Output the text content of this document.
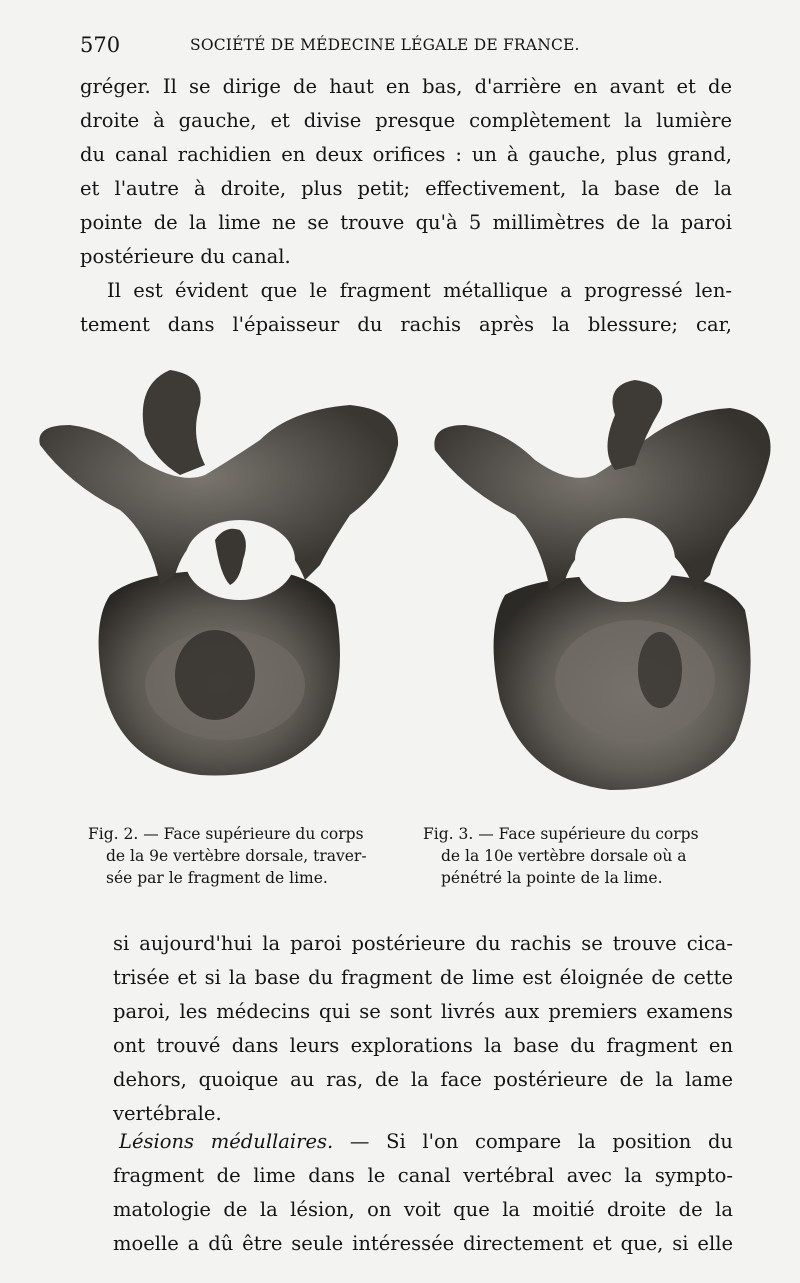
570	SOCIÉTÉ DE MÉDECINE LÉGALE DE FRANCE.
gréger. Il se dirige de haut en bas, d'arrière en avant et de
droite à gauche, et divise presque complètement la lumière
du canal rachidien en deux orifices : un à gauche, plus grand,
et l'autre à droite, plus petit; effectivement, la base de la
pointe de la lime ne se trouve qu'à 5 millimètres de la paroi
postérieure du canal.
Il est évident que le fragment métallique a progressé len-
tement dans l'épaisseur du rachis après la blessure; car,
Fig. 2. — Face supérieure du corps
de la 9e vertèbre dorsale, traver-
sée par le fragment de lime.
Fig. 3. — Face supérieure du corps
de la 10e vertèbre dorsale où a
pénétré la pointe de la lime.
si aujourd'hui la paroi postérieure du rachis se trouve cica-
trisée et si la base du fragment de lime est éloignée de cette
paroi, les médecins qui se sont livrés aux premiers examens
ont trouvé dans leurs explorations la base du fragment en
dehors, quoique au ras, de la face postérieure de la lame
vertébrale.
Lésions médullaires. — Si l'on compare la position du
fragment de lime dans le canal vertébral avec la sympto-
matologie de la lésion, on voit que la moitié droite de la
moelle a dû être seule intéressée directement et que, si elle
